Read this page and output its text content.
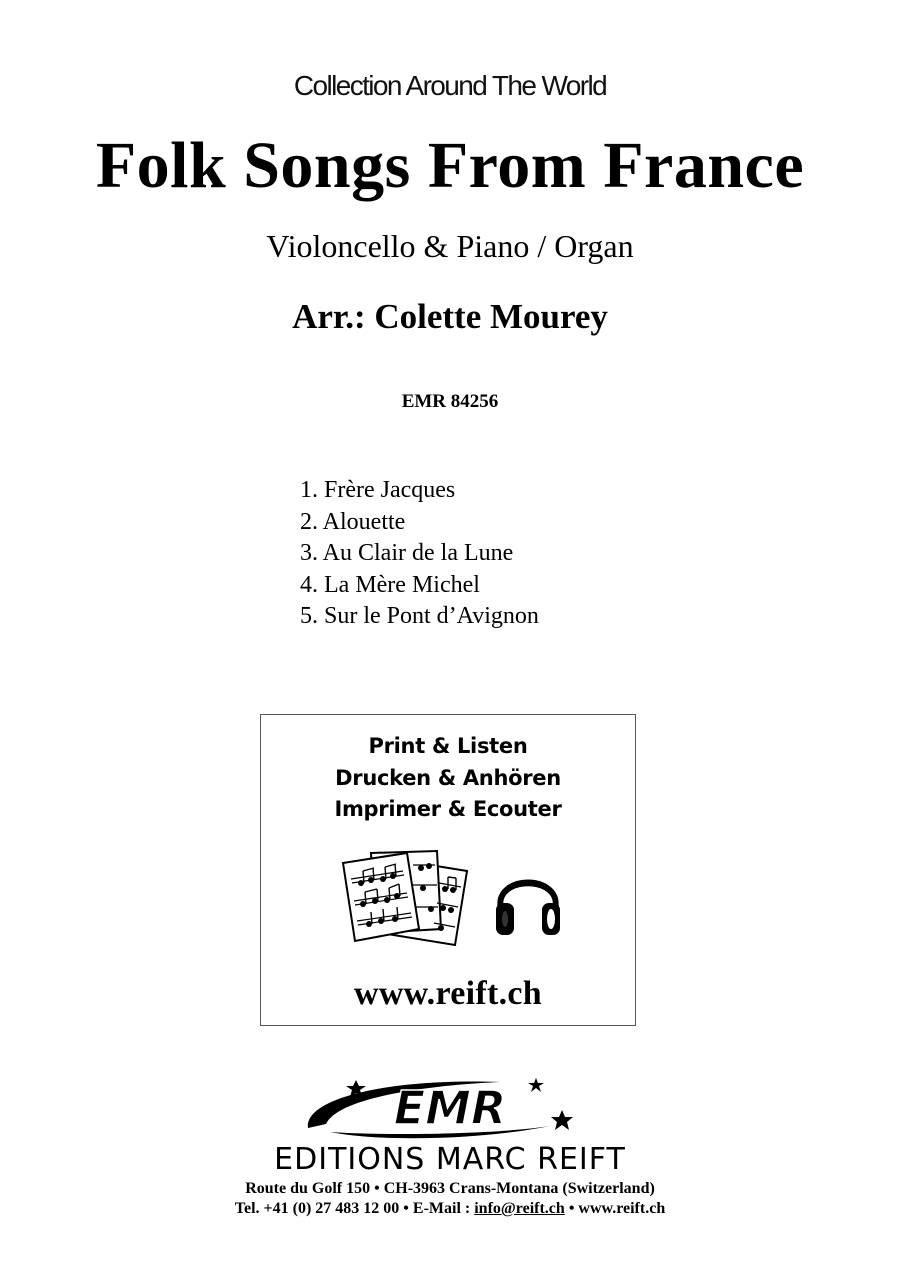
Collection Around The World
Folk Songs From France
Violoncello & Piano / Organ
Arr.: Colette Mourey
EMR 84256
1. Frère Jacques
2. Alouette
3. Au Clair de la Lune
4. La Mère Michel
5. Sur le Pont d’Avignon
Print & Listen
Drucken & Anhören
Imprimer & Ecouter
www.reift.ch
EMR
EDITIONS MARC REIFT
Route du Golf 150 • CH-3963 Crans-Montana (Switzerland)
Tel. +41 (0) 27 483 12 00 • E-Mail : info@reift.ch • www.reift.ch
